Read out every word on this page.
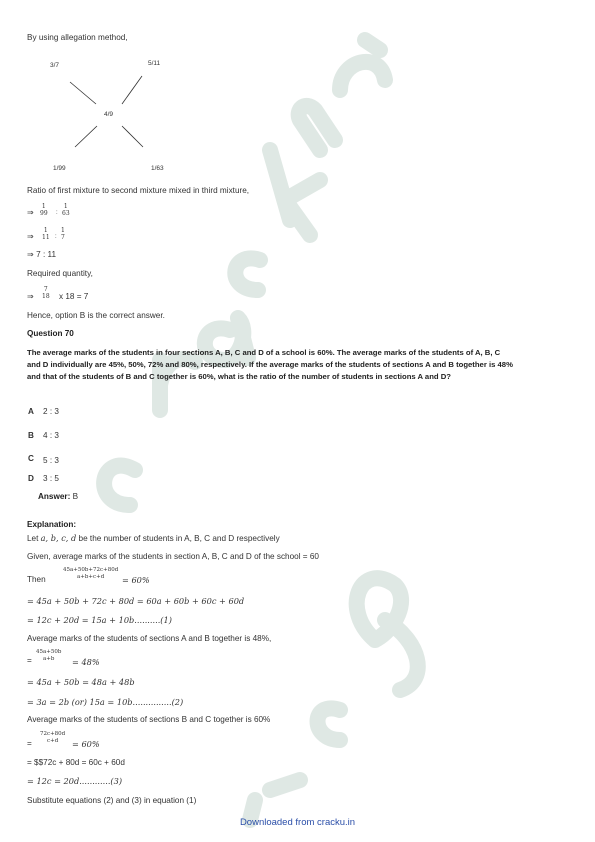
By using allegation method,
3/7	5/11
4/9
1/99	1/63
Ratio of first mixture to second mixture mixed in third mixture,
⇒
1
99 :
1
63
⇒
1
11 :
1
7
⇒ 7 : 11
Required quantity,
⇒
7
18 x 18 = 7
Hence, option B is the correct answer.
Question 70
The average marks of the students in four sections A, B, C and D of a school is 60%. The average marks of the students of A, B, C
and D individually are 45%, 50%, 72% and 80%, respectively. If the average marks of the students of sections A and B together is 48%
and that of the students of B and C together is 60%, what is the ratio of the number of students in sections A and D?
A 2 : 3
B 4 : 3
C 5 : 3
D 3 : 5
Answer: B
Explanation:
Let a, b, c, d be the number of students in A, B, C and D respectively
Given, average marks of the students in section A, B, C and D of the school = 60
Then
45a+50b+72c+80d
a+b+c+d	= 60%
= 45a + 50b + 72c + 80d = 60a + 60b + 60c + 60d
= 12c + 20d = 15a + 10b..........(1)
Average marks of the students of sections A and B together is 48%,
=
45a+50b
a+b	= 48%
= 45a + 50b = 48a + 48b
= 3a = 2b (or) 15a = 10b...............(2)
Average marks of the students of sections B and C together is 60%
=
72c+80d
c+d	= 60%
= $$72c + 80d = 60c + 60d
= 12c = 20d............(3)
Substitute equations (2) and (3) in equation (1)
Downloaded from cracku.in
